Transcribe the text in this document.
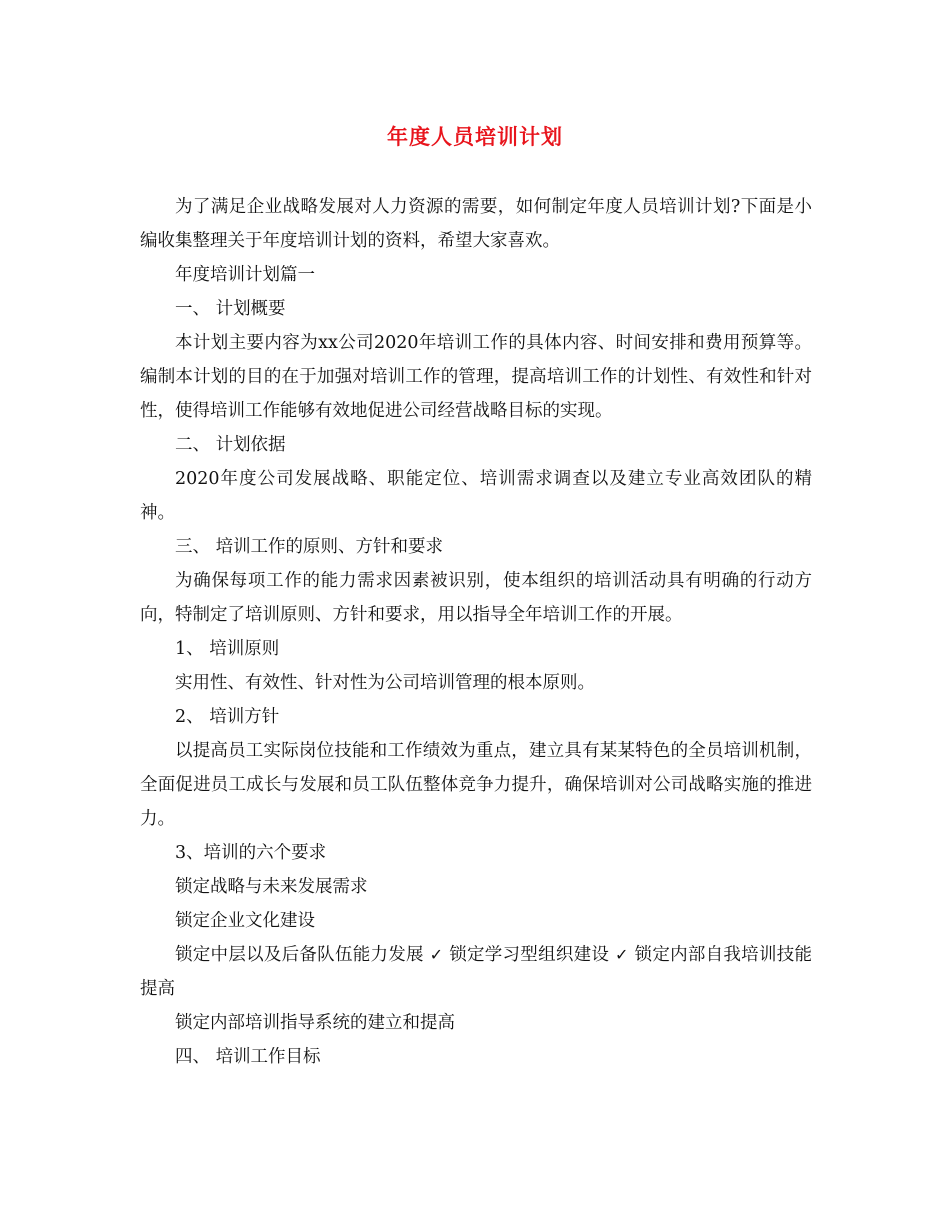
年度人员培训计划

为了满足企业战略发展对人力资源的需要，如何制定年度人员培训计划?下面是小编收集整理关于年度培训计划的资料，希望大家喜欢。

年度培训计划篇一

一、 计划概要

本计划主要内容为xx公司2020年培训工作的具体内容、时间安排和费用预算等。编制本计划的目的在于加强对培训工作的管理，提高培训工作的计划性、有效性和针对性，使得培训工作能够有效地促进公司经营战略目标的实现。

二、 计划依据

2020年度公司发展战略、职能定位、培训需求调查以及建立专业高效团队的精神。

三、 培训工作的原则、方针和要求

为确保每项工作的能力需求因素被识别，使本组织的培训活动具有明确的行动方向，特制定了培训原则、方针和要求，用以指导全年培训工作的开展。

1、 培训原则

实用性、有效性、针对性为公司培训管理的根本原则。

2、 培训方针

以提高员工实际岗位技能和工作绩效为重点，建立具有某某特色的全员培训机制，全面促进员工成长与发展和员工队伍整体竞争力提升，确保培训对公司战略实施的推进力。

3、培训的六个要求

锁定战略与未来发展需求

锁定企业文化建设

锁定中层以及后备队伍能力发展 ✓ 锁定学习型组织建设 ✓ 锁定内部自我培训技能提高

锁定内部培训指导系统的建立和提高

四、 培训工作目标
